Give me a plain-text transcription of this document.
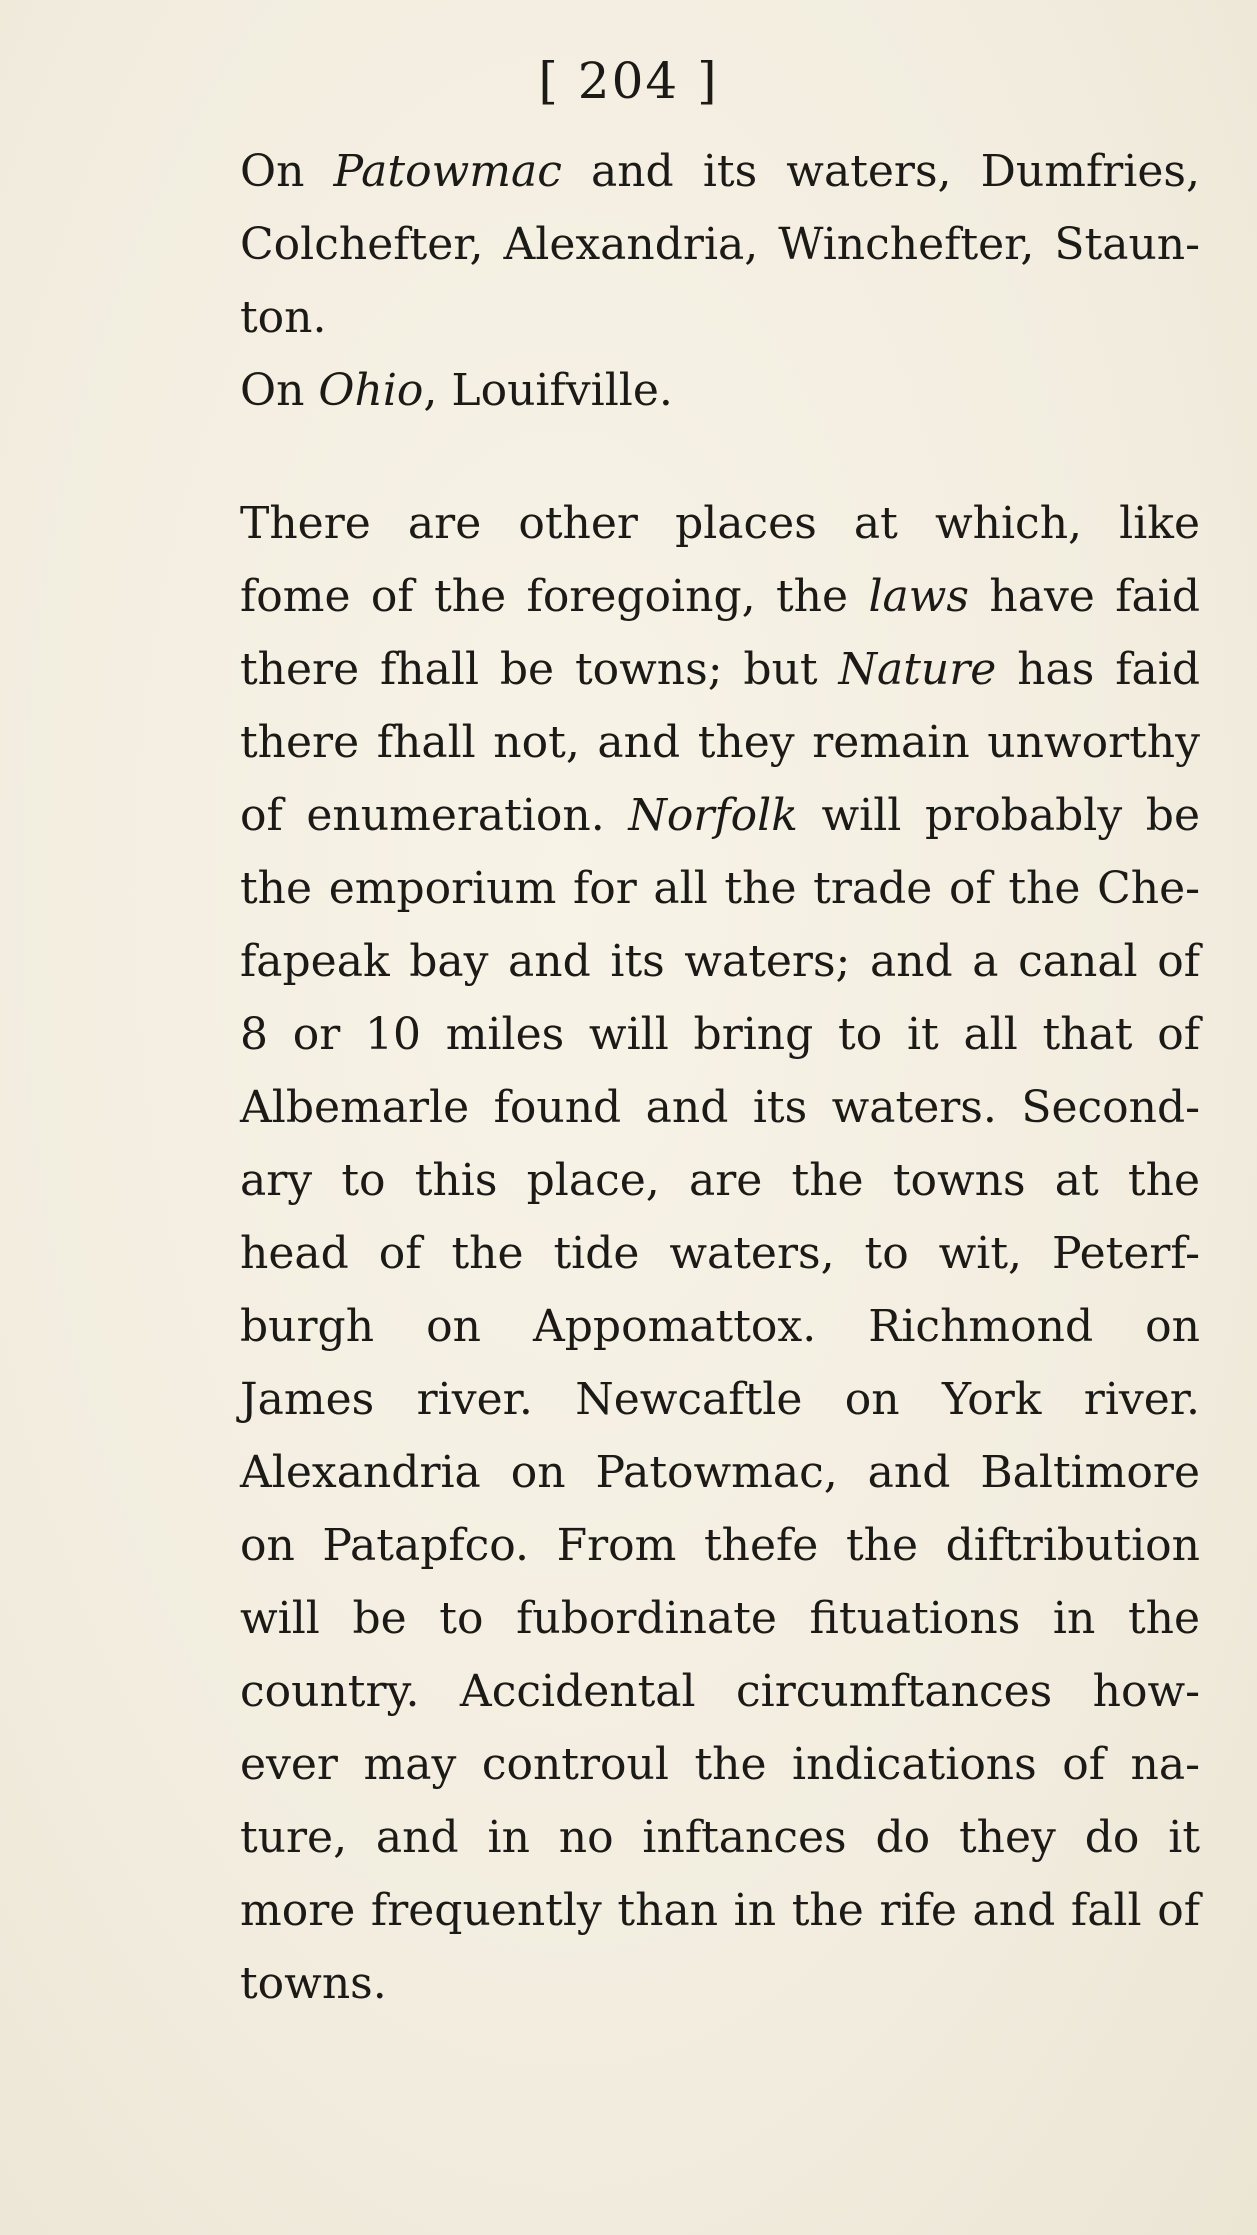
[ 204 ]

On Patowmac and its waters, Dumfries,
Colchefter, Alexandria, Winchefter, Staun-
ton.

On Ohio, Louifville.

There are other places at which, like
fome of the foregoing, the laws have faid
there fhall be towns; but Nature has faid
there fhall not, and they remain unworthy
of enumeration. Norfolk will probably be
the emporium for all the trade of the Che-
fapeak bay and its waters; and a canal of
8 or 10 miles will bring to it all that of
Albemarle found and its waters. Second-
ary to this place, are the towns at the
head of the tide waters, to wit, Peterf-
burgh on Appomattox. Richmond on
James river. Newcaftle on York river.
Alexandria on Patowmac, and Baltimore
on Patapfco. From thefe the diftribution
will be to fubordinate fituations in the
country. Accidental circumftances how-
ever may controul the indications of na-
ture, and in no inftances do they do it
more frequently than in the rife and fall of
towns.
